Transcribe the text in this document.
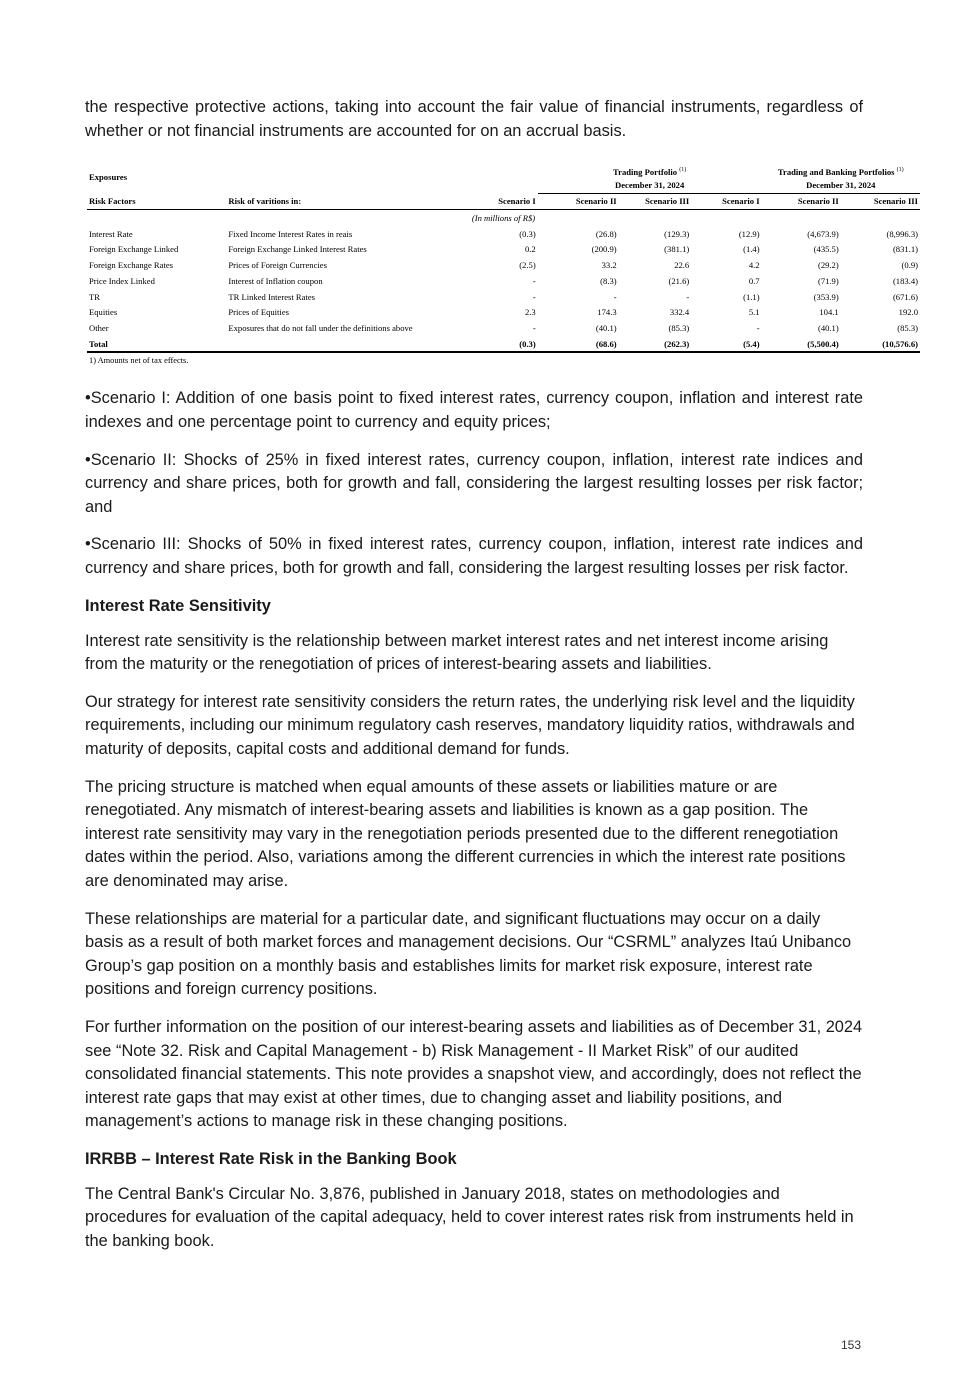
the respective protective actions, taking into account the fair value of financial instruments, regardless of whether or not financial instruments are accounted for on an accrual basis.

Exposures			Trading Portfolio $^{(1)}$			Trading and Banking Portfolios $^{(1)}$
			December 31, 2024			December 31, 2024	
Risk Factors	Risk of varitions in:	Scenario I	Scenario II	Scenario III	Scenario I	Scenario II	Scenario III
(In millions of R$)							
Interest Rate	Fixed Income Interest Rates in reais	(0.3)	(26.8)	(129.3)	(12.9)	(4,673.9)	(8,996.3)
Foreign Exchange Linked	Foreign Exchange Linked Interest Rates	0.2	(200.9)	(381.1)	(1.4)	(435.5)	(831.1)
Foreign Exchange Rates	Prices of Foreign Currencies	(2.5)	33.2	22.6	4.2	(29.2)	(0.9)
Price Index Linked	Interest of Inflation coupon	-	(8.3)	(21.6)	0.7	(71.9)	(183.4)
TR	TR Linked Interest Rates	-	-	-	(1.1)	(353.9)	(671.6)
Equities	Prices of Equities	2.3	174.3	332.4	5.1	104.1	192.0
Other	Exposures that do not fall under the definitions above	-	(40.1)	(85.3)	-	(40.1)	(85.3)
Total		(0.3)	(68.6)	(262.3)	(5.4)	(5,500.4)	(10,576.6)
1) Amounts net of tax effects.

•Scenario I: Addition of one basis point to fixed interest rates, currency coupon, inflation and interest rate indexes and one percentage point to currency and equity prices;

•Scenario II: Shocks of 25% in fixed interest rates, currency coupon, inflation, interest rate indices and currency and share prices, both for growth and fall, considering the largest resulting losses per risk factor; and

•Scenario III: Shocks of 50% in fixed interest rates, currency coupon, inflation, interest rate indices and currency and share prices, both for growth and fall, considering the largest resulting losses per risk factor.

Interest Rate Sensitivity

Interest rate sensitivity is the relationship between market interest rates and net interest income arising from the maturity or the renegotiation of prices of interest-bearing assets and liabilities.

Our strategy for interest rate sensitivity considers the return rates, the underlying risk level and the liquidity requirements, including our minimum regulatory cash reserves, mandatory liquidity ratios, withdrawals and maturity of deposits, capital costs and additional demand for funds.

The pricing structure is matched when equal amounts of these assets or liabilities mature or are renegotiated. Any mismatch of interest-bearing assets and liabilities is known as a gap position. The interest rate sensitivity may vary in the renegotiation periods presented due to the different renegotiation dates within the period. Also, variations among the different currencies in which the interest rate positions are denominated may arise.

These relationships are material for a particular date, and significant fluctuations may occur on a daily basis as a result of both market forces and management decisions. Our “CSRML” analyzes Itaú Unibanco Group’s gap position on a monthly basis and establishes limits for market risk exposure, interest rate positions and foreign currency positions.

For further information on the position of our interest-bearing assets and liabilities as of December 31, 2024 see “Note 32. Risk and Capital Management - b) Risk Management - II Market Risk” of our audited consolidated financial statements. This note provides a snapshot view, and accordingly, does not reflect the interest rate gaps that may exist at other times, due to changing asset and liability positions, and management’s actions to manage risk in these changing positions.

IRRBB – Interest Rate Risk in the Banking Book

The Central Bank's Circular No. 3,876, published in January 2018, states on methodologies and procedures for evaluation of the capital adequacy, held to cover interest rates risk from instruments held in the banking book.

153
